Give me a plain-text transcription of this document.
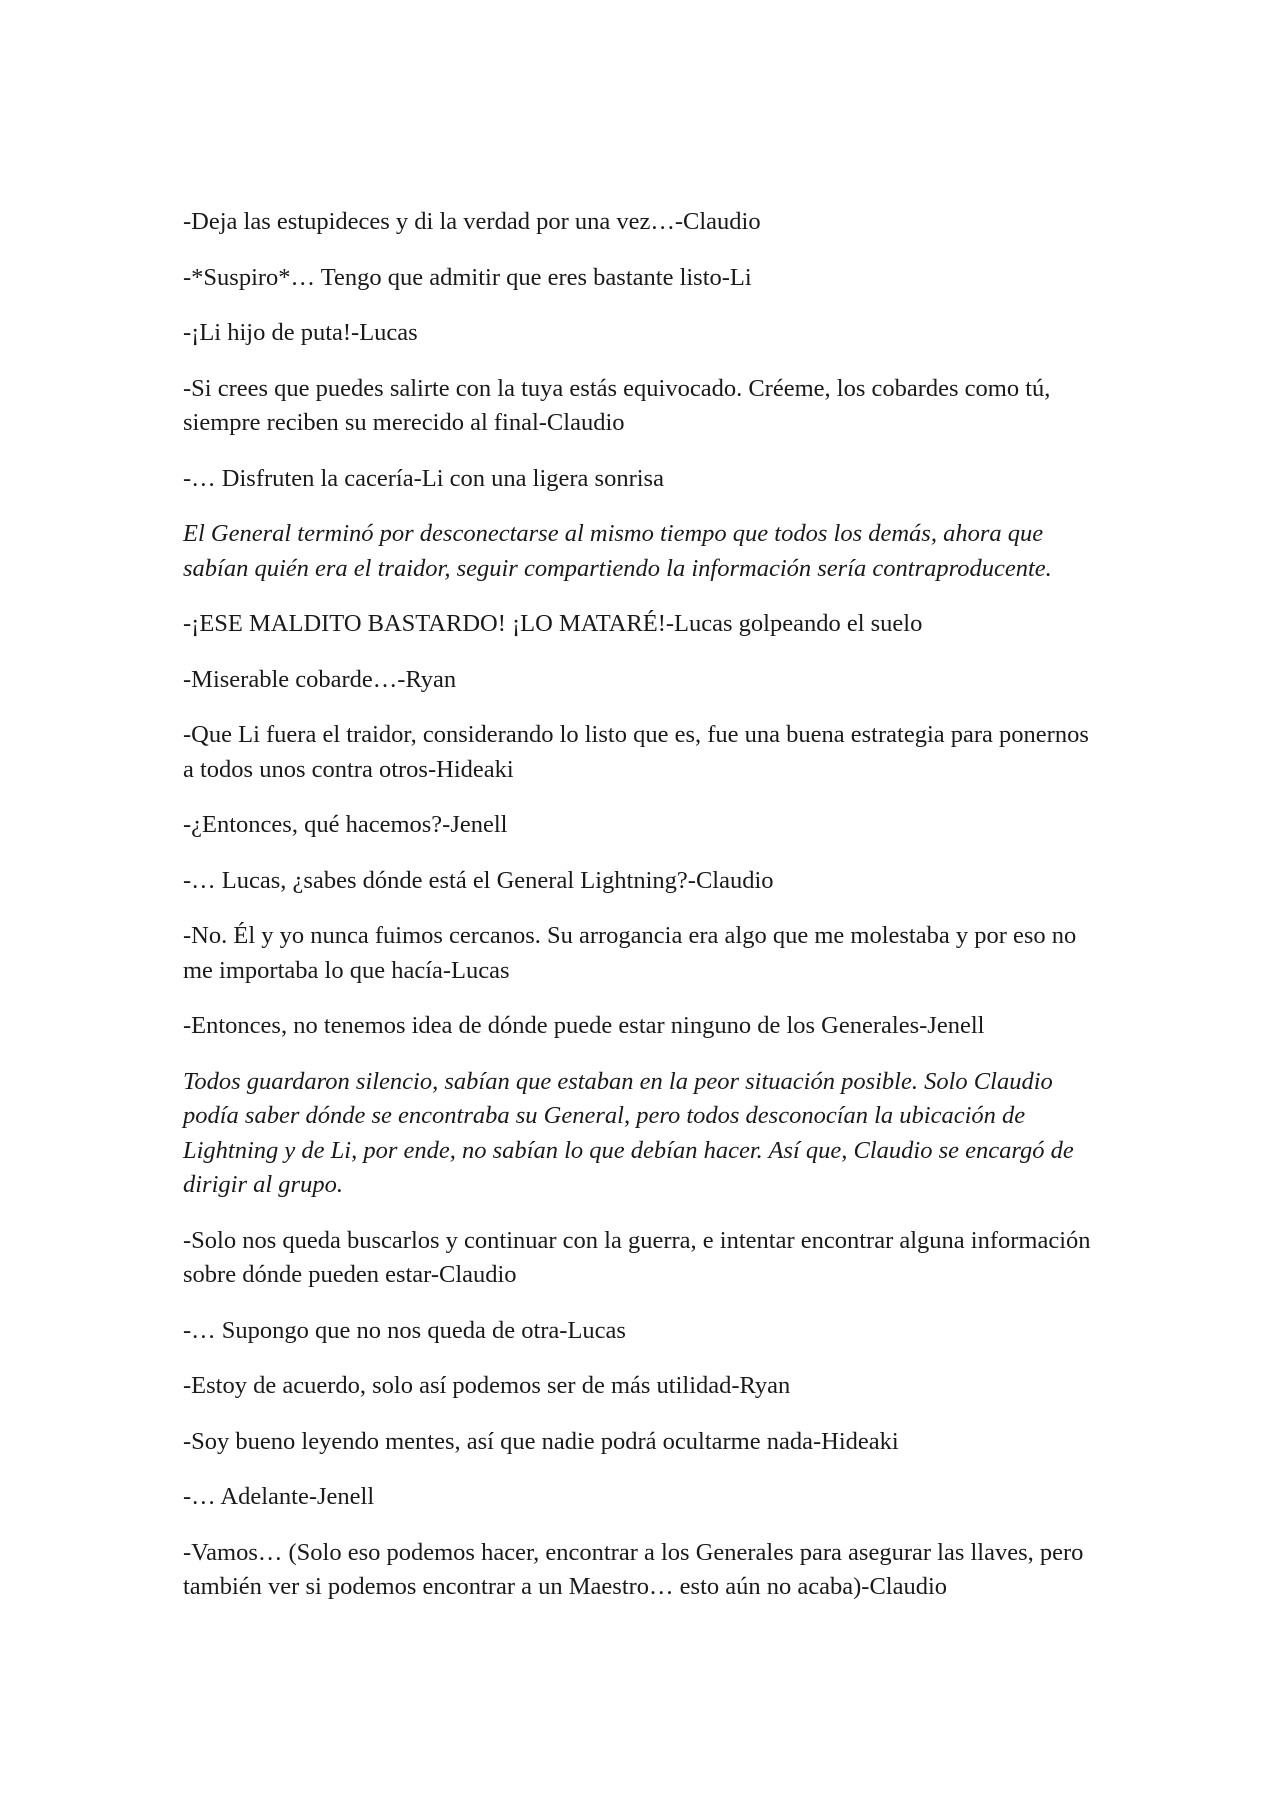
-Deja las estupideces y di la verdad por una vez…-Claudio

-*Suspiro*… Tengo que admitir que eres bastante listo-Li

-¡Li hijo de puta!-Lucas

-Si crees que puedes salirte con la tuya estás equivocado. Créeme, los cobardes como tú, siempre reciben su merecido al final-Claudio

-… Disfruten la cacería-Li con una ligera sonrisa

El General terminó por desconectarse al mismo tiempo que todos los demás, ahora que sabían quién era el traidor, seguir compartiendo la información sería contraproducente.

-¡ESE MALDITO BASTARDO! ¡LO MATARÉ!-Lucas golpeando el suelo

-Miserable cobarde…-Ryan

-Que Li fuera el traidor, considerando lo listo que es, fue una buena estrategia para ponernos a todos unos contra otros-Hideaki

-¿Entonces, qué hacemos?-Jenell

-… Lucas, ¿sabes dónde está el General Lightning?-Claudio

-No. Él y yo nunca fuimos cercanos. Su arrogancia era algo que me molestaba y por eso no me importaba lo que hacía-Lucas

-Entonces, no tenemos idea de dónde puede estar ninguno de los Generales-Jenell

Todos guardaron silencio, sabían que estaban en la peor situación posible. Solo Claudio podía saber dónde se encontraba su General, pero todos desconocían la ubicación de Lightning y de Li, por ende, no sabían lo que debían hacer. Así que, Claudio se encargó de dirigir al grupo.

-Solo nos queda buscarlos y continuar con la guerra, e intentar encontrar alguna información sobre dónde pueden estar-Claudio

-… Supongo que no nos queda de otra-Lucas

-Estoy de acuerdo, solo así podemos ser de más utilidad-Ryan

-Soy bueno leyendo mentes, así que nadie podrá ocultarme nada-Hideaki

-… Adelante-Jenell

-Vamos… (Solo eso podemos hacer, encontrar a los Generales para asegurar las llaves, pero también ver si podemos encontrar a un Maestro… esto aún no acaba)-Claudio
